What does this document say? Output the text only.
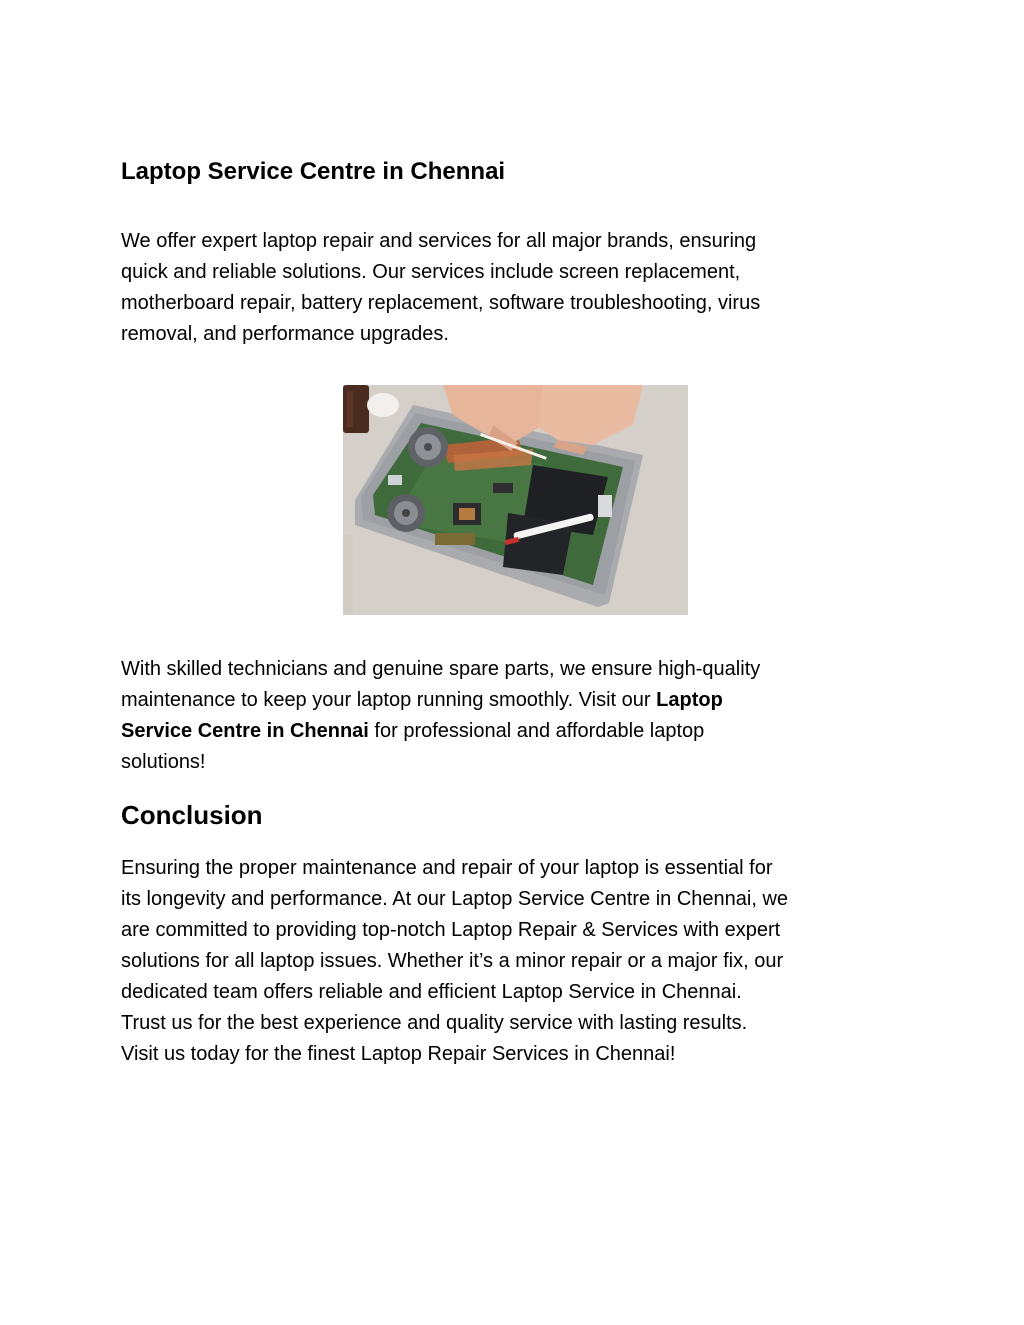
Laptop Service Centre in Chennai

We offer expert laptop repair and services for all major brands, ensuring
quick and reliable solutions. Our services include screen replacement,
motherboard repair, battery replacement, software troubleshooting, virus
removal, and performance upgrades.

With skilled technicians and genuine spare parts, we ensure high-quality
maintenance to keep your laptop running smoothly. Visit our Laptop
Service Centre in Chennai for professional and affordable laptop
solutions!

Conclusion

Ensuring the proper maintenance and repair of your laptop is essential for
its longevity and performance. At our Laptop Service Centre in Chennai, we
are committed to providing top-notch Laptop Repair & Services with expert
solutions for all laptop issues. Whether it’s a minor repair or a major fix, our
dedicated team offers reliable and efficient Laptop Service in Chennai.
Trust us for the best experience and quality service with lasting results.
Visit us today for the finest Laptop Repair Services in Chennai!
